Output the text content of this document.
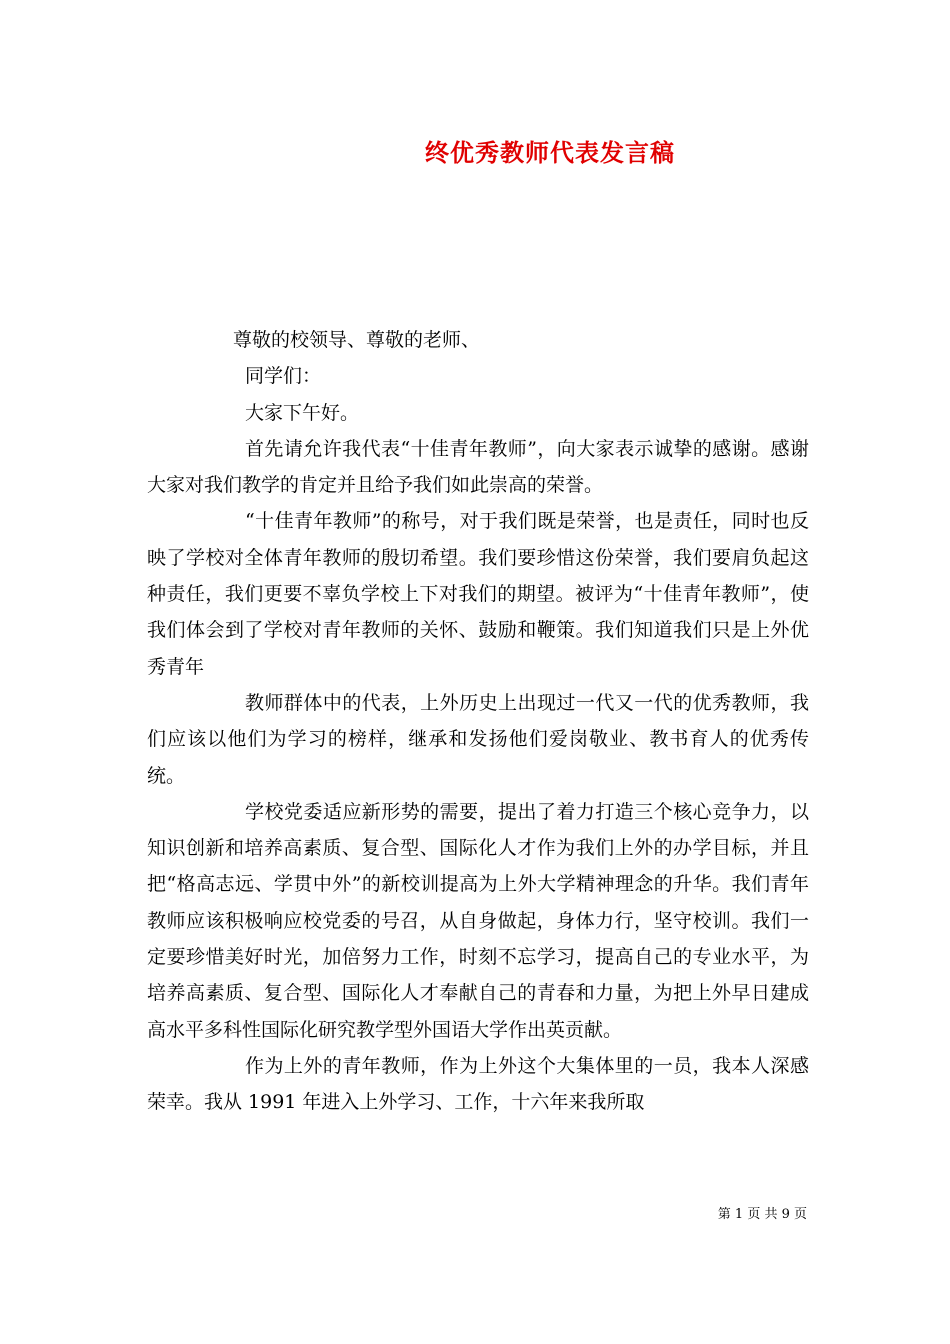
终优秀教师代表发言稿

尊敬的校领导、尊敬的老师、

同学们：

大家下午好。

首先请允许我代表“十佳青年教师”，向大家表示诚挚的感谢。感谢大家对我们教学的肯定并且给予我们如此崇高的荣誉。

“十佳青年教师”的称号，对于我们既是荣誉，也是责任，同时也反映了学校对全体青年教师的殷切希望。我们要珍惜这份荣誉，我们要肩负起这种责任，我们更要不辜负学校上下对我们的期望。被评为“十佳青年教师”，使我们体会到了学校对青年教师的关怀、鼓励和鞭策。我们知道我们只是上外优秀青年

教师群体中的代表，上外历史上出现过一代又一代的优秀教师，我们应该以他们为学习的榜样，继承和发扬他们爱岗敬业、教书育人的优秀传统。

学校党委适应新形势的需要，提出了着力打造三个核心竞争力，以知识创新和培养高素质、复合型、国际化人才作为我们上外的办学目标，并且把“格高志远、学贯中外”的新校训提高为上外大学精神理念的升华。我们青年教师应该积极响应校党委的号召，从自身做起，身体力行，坚守校训。我们一定要珍惜美好时光，加倍努力工作，时刻不忘学习，提高自己的专业水平，为培养高素质、复合型、国际化人才奉献自己的青春和力量，为把上外早日建成高水平多科性国际化研究教学型外国语大学作出英贡献。

作为上外的青年教师，作为上外这个大集体里的一员，我本人深感荣幸。我从 1991 年进入上外学习、工作，十六年来我所取

第 1 页 共 9 页
